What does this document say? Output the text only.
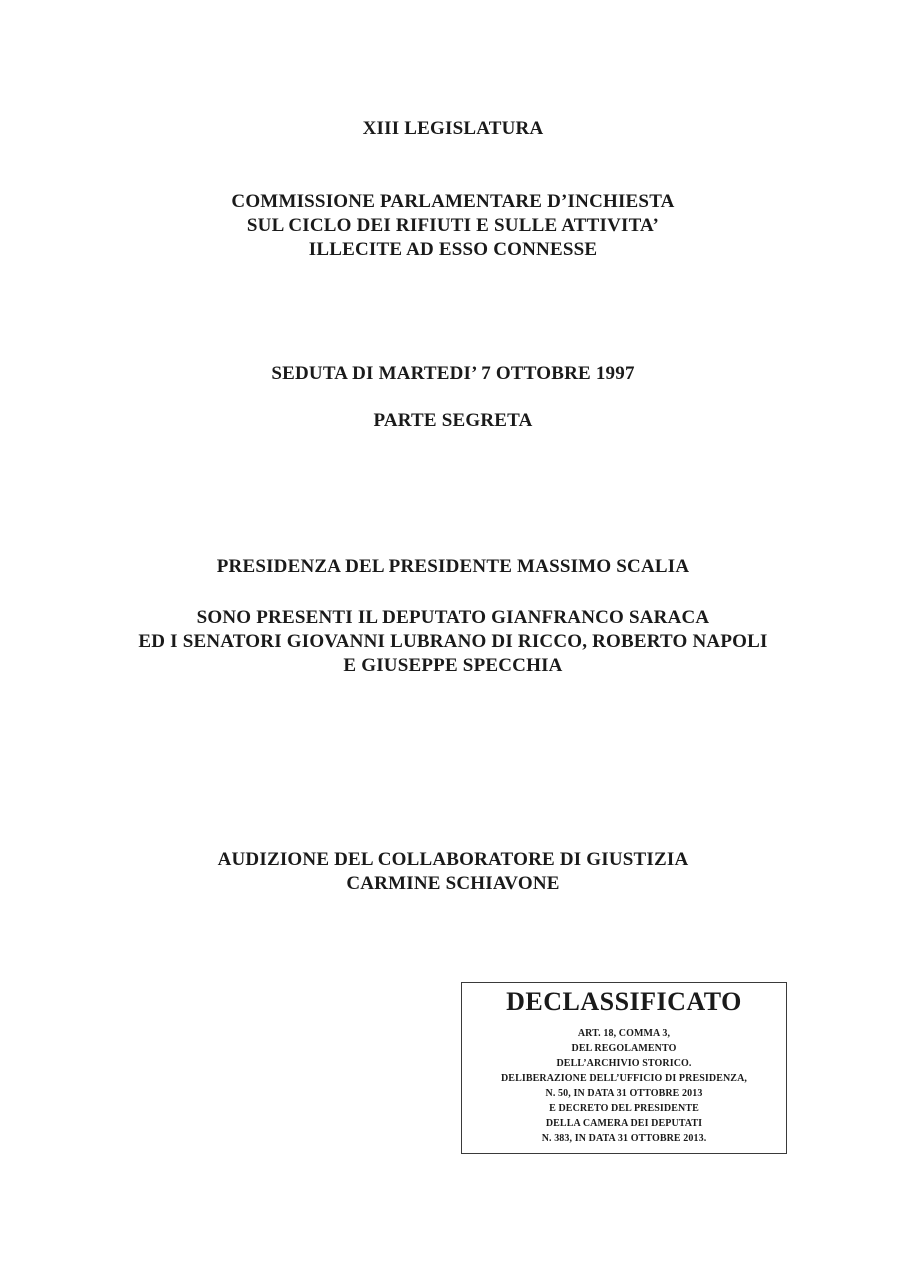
XIII LEGISLATURA
COMMISSIONE PARLAMENTARE D’INCHIESTA
SUL CICLO DEI RIFIUTI E SULLE ATTIVITA’
ILLECITE AD ESSO CONNESSE
SEDUTA DI MARTEDI’ 7 OTTOBRE 1997
PARTE SEGRETA
PRESIDENZA DEL PRESIDENTE MASSIMO SCALIA
SONO PRESENTI IL DEPUTATO GIANFRANCO SARACA
ED I SENATORI GIOVANNI LUBRANO DI RICCO, ROBERTO NAPOLI
E GIUSEPPE SPECCHIA
AUDIZIONE DEL COLLABORATORE DI GIUSTIZIA
CARMINE SCHIAVONE
DECLASSIFICATO
ART. 18, COMMA 3,
DEL REGOLAMENTO
DELL’ARCHIVIO STORICO.
DELIBERAZIONE DELL’UFFICIO DI PRESIDENZA,
N. 50, IN DATA 31 OTTOBRE 2013
E DECRETO DEL PRESIDENTE
DELLA CAMERA DEI DEPUTATI
N. 383, IN DATA 31 OTTOBRE 2013.
